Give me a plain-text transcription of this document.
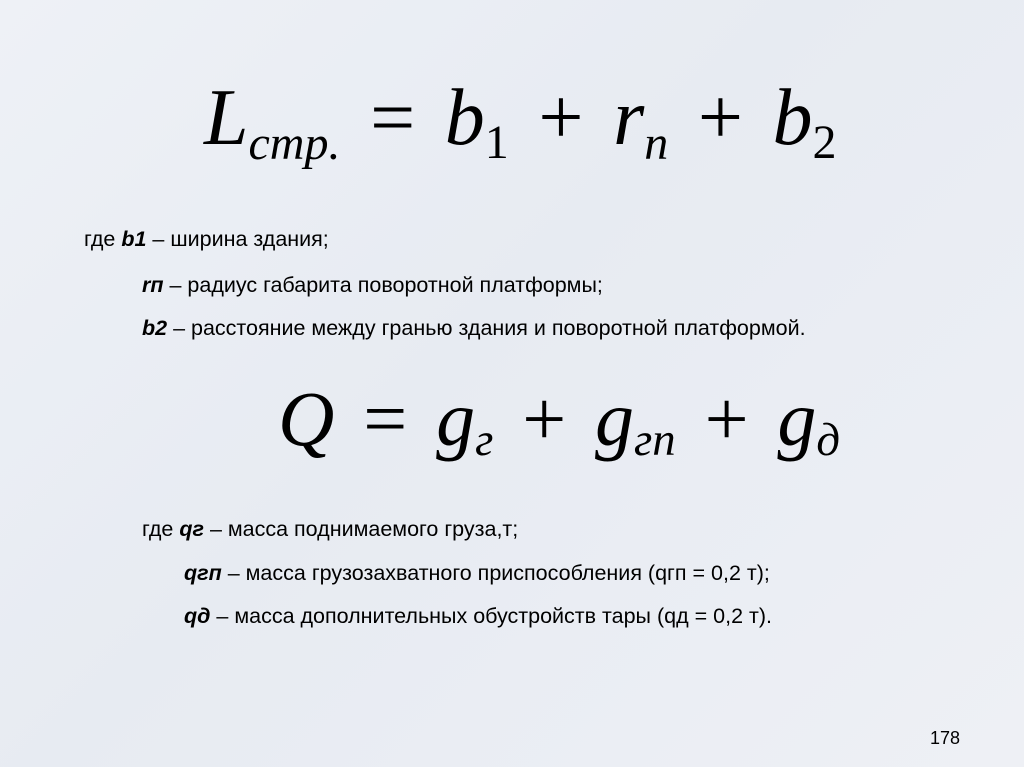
Lстр. = b1 + rп + b2
где b1 – ширина здания;
rп – радиус габарита поворотной платформы;
b2 – расстояние между гранью здания и поворотной платформой.
Q = gг + gгп + gд
где qг – масса поднимаемого груза,т;
qгп – масса грузозахватного приспособления (qгп = 0,2 т);
qд – масса дополнительных обустройств тары (qд = 0,2 т).
178
